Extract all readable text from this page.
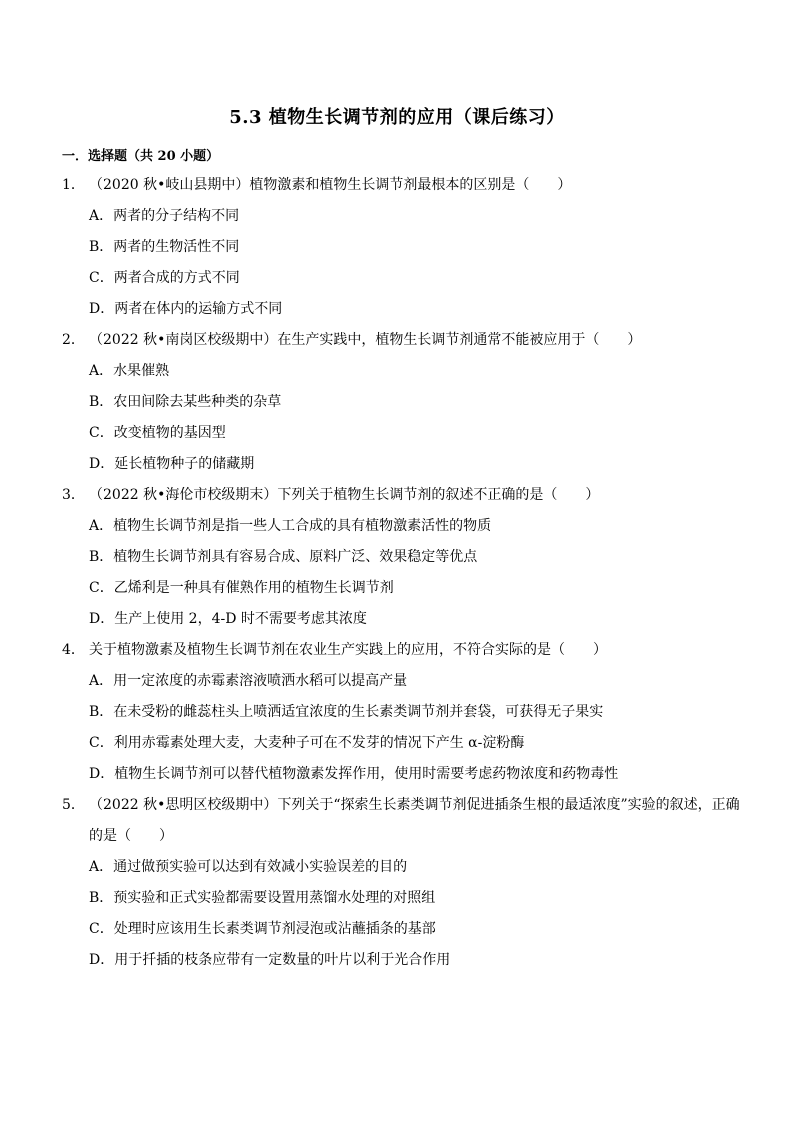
5.3 植物生长调节剂的应用（课后练习）
一．选择题（共 20 小题）
1． （2020 秋•岐山县期中）植物激素和植物生长调节剂最根本的区别是（　　）
A．两者的分子结构不同
B．两者的生物活性不同
C．两者合成的方式不同
D．两者在体内的运输方式不同
2． （2022 秋•南岗区校级期中）在生产实践中，植物生长调节剂通常不能被应用于（　　）
A．水果催熟
B．农田间除去某些种类的杂草
C．改变植物的基因型
D．延长植物种子的储藏期
3． （2022 秋•海伦市校级期末）下列关于植物生长调节剂的叙述不正确的是（　　）
A．植物生长调节剂是指一些人工合成的具有植物激素活性的物质
B．植物生长调节剂具有容易合成、原料广泛、效果稳定等优点
C．乙烯利是一种具有催熟作用的植物生长调节剂
D．生产上使用 2，4-D 时不需要考虑其浓度
4． 关于植物激素及植物生长调节剂在农业生产实践上的应用，不符合实际的是（　　）
A．用一定浓度的赤霉素溶液喷洒水稻可以提高产量
B．在未受粉的雌蕊柱头上喷洒适宜浓度的生长素类调节剂并套袋，可获得无子果实
C．利用赤霉素处理大麦，大麦种子可在不发芽的情况下产生 α-淀粉酶
D．植物生长调节剂可以替代植物激素发挥作用，使用时需要考虑药物浓度和药物毒性
5． （2022 秋•思明区校级期中）下列关于“探索生长素类调节剂促进插条生根的最适浓度”实验的叙述，正确的是（　　）
A．通过做预实验可以达到有效减小实验误差的目的
B．预实验和正式实验都需要设置用蒸馏水处理的对照组
C．处理时应该用生长素类调节剂浸泡或沾蘸插条的基部
D．用于扦插的枝条应带有一定数量的叶片以利于光合作用
